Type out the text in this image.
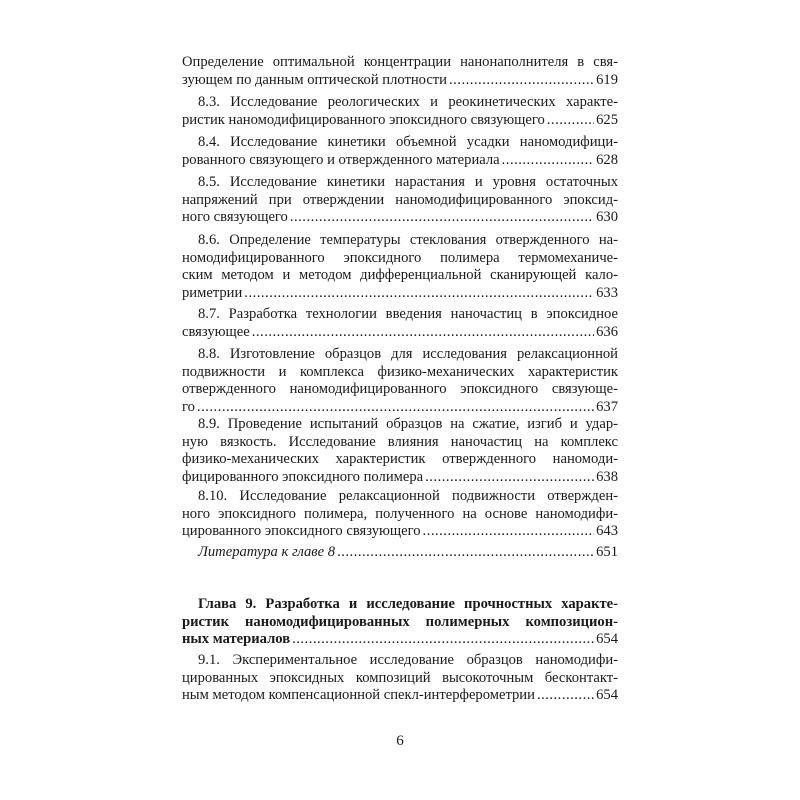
Определение оптимальной концентрации нанонаполнителя в свя-
зующем по данным оптической плотности .....	619
8.3. Исследование реологических и реокинетических характе-
ристик наномодифицированного эпоксидного связующего .....	625
8.4. Исследование кинетики объемной усадки наномодифици-
рованного связующего и отвержденного материала .....	628
8.5. Исследование кинетики нарастания и уровня остаточных
напряжений при отверждении наномодифицированного эпоксид-
ного связующего .....	630
8.6. Определение температуры стеклования отвержденного на-
номодифицированного эпоксидного полимера термомеханиче-
ским методом и методом дифференциальной сканирующей кало-
риметрии .....	633
8.7. Разработка технологии введения наночастиц в эпоксидное
связующее .....	636
8.8. Изготовление образцов для исследования релаксационной
подвижности и комплекса физико-механических характеристик
отвержденного наномодифицированного эпоксидного связующе-
го .....	637
8.9. Проведение испытаний образцов на сжатие, изгиб и удар-
ную вязкость. Исследование влияния наночастиц на комплекс
физико-механических характеристик отвержденного наномоди-
фицированного эпоксидного полимера .....	638
8.10. Исследование релаксационной подвижности отвержден-
ного эпоксидного полимера, полученного на основе наномодифи-
цированного эпоксидного связующего .....	643
Литература к главе 8 .....	651
Глава 9. Разработка и исследование прочностных характе-
ристик наномодифицированных полимерных композицион-
ных материалов .....	654
9.1. Экспериментальное исследование образцов наномодифи-
цированных эпоксидных композиций высокоточным бесконтакт-
ным методом компенсационной спекл-интерферометрии .....	654
6
